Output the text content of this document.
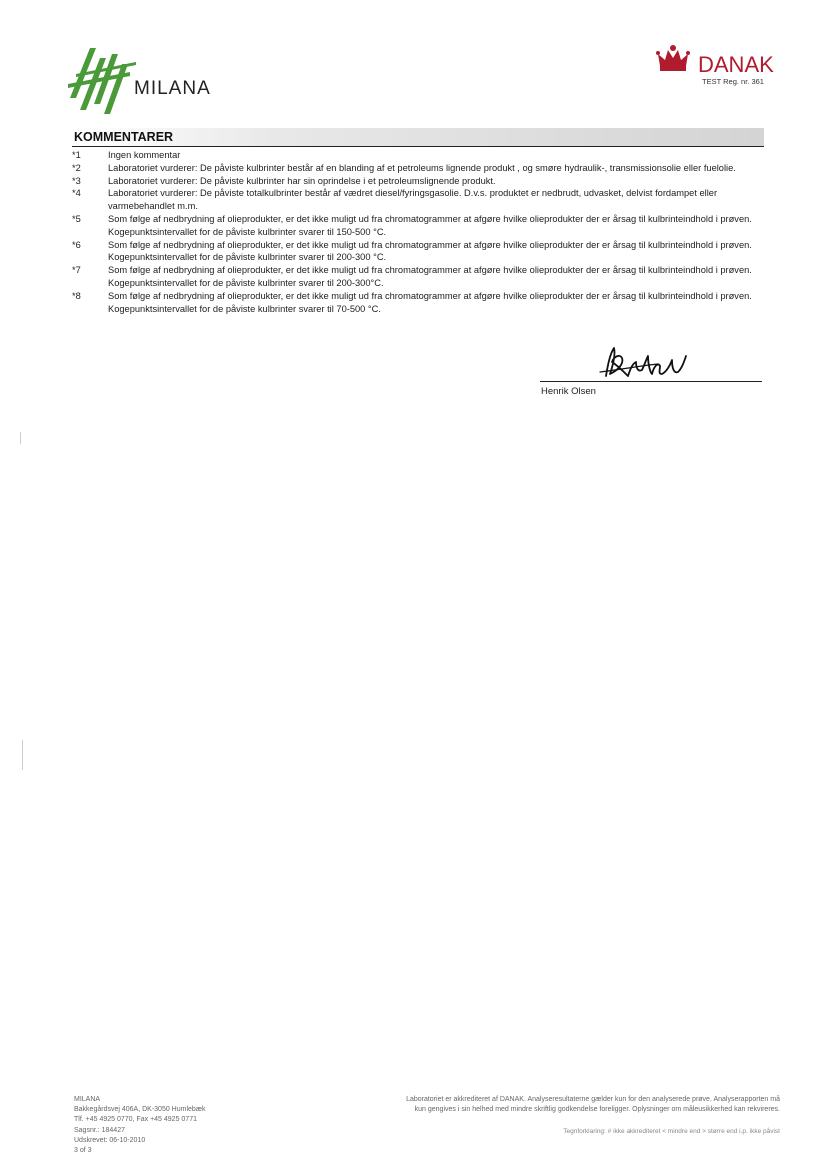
MILANA
DANAK
TEST Reg. nr. 361
KOMMENTARER
*1	Ingen kommentar
*2	Laboratoriet vurderer: De påviste kulbrinter består af en blanding af et petroleums lignende produkt , og smøre hydraulik-, transmissionsolie eller fuelolie.
*3	Laboratoriet vurderer: De påviste kulbrinter har sin oprindelse i et petroleumslignende produkt.
*4	Laboratoriet vurderer: De påviste totalkulbrinter består af vædret diesel/fyringsgasolie. D.v.s. produktet er nedbrudt, udvasket, delvist fordampet eller varmebehandlet m.m.
*5	Som følge af nedbrydning af olieprodukter, er det ikke muligt ud fra chromatogrammer at afgøre hvilke olieprodukter der er årsag til kulbrinteindhold i prøven. Kogepunktsintervallet for de påviste kulbrinter svarer til 150-500 °C.
*6	Som følge af nedbrydning af olieprodukter, er det ikke muligt ud fra chromatogrammer at afgøre hvilke olieprodukter der er årsag til kulbrinteindhold i prøven. Kogepunktsintervallet for de påviste kulbrinter svarer til 200-300 °C.
*7	Som følge af nedbrydning af olieprodukter, er det ikke muligt ud fra chromatogrammer at afgøre hvilke olieprodukter der er årsag til kulbrinteindhold i prøven. Kogepunktsintervallet for de påviste kulbrinter svarer til 200-300°C.
*8	Som følge af nedbrydning af olieprodukter, er det ikke muligt ud fra chromatogrammer at afgøre hvilke olieprodukter der er årsag til kulbrinteindhold i prøven. Kogepunktsintervallet for de påviste kulbrinter svarer til 70-500 °C.
Henrik Olsen
MILANA
Bakkegårdsvej 406A, DK-3050 Humlebæk
Tlf. +45 4925 0770, Fax +45 4925 0771
Sagsnr.: 184427
Udskrevet: 06-10-2010
3 of 3
Laboratoriet er akkrediteret af DANAK. Analyseresultaterne gælder kun for den analyserede prøve. Analyserapporten må
kun gengives i sin helhed med mindre skriftlig godkendelse foreligger. Oplysninger om måleusikkerhed kan rekvireres.
Tegnforklaring: # ikke akkrediteret < mindre end > større end i.p. ikke påvist
